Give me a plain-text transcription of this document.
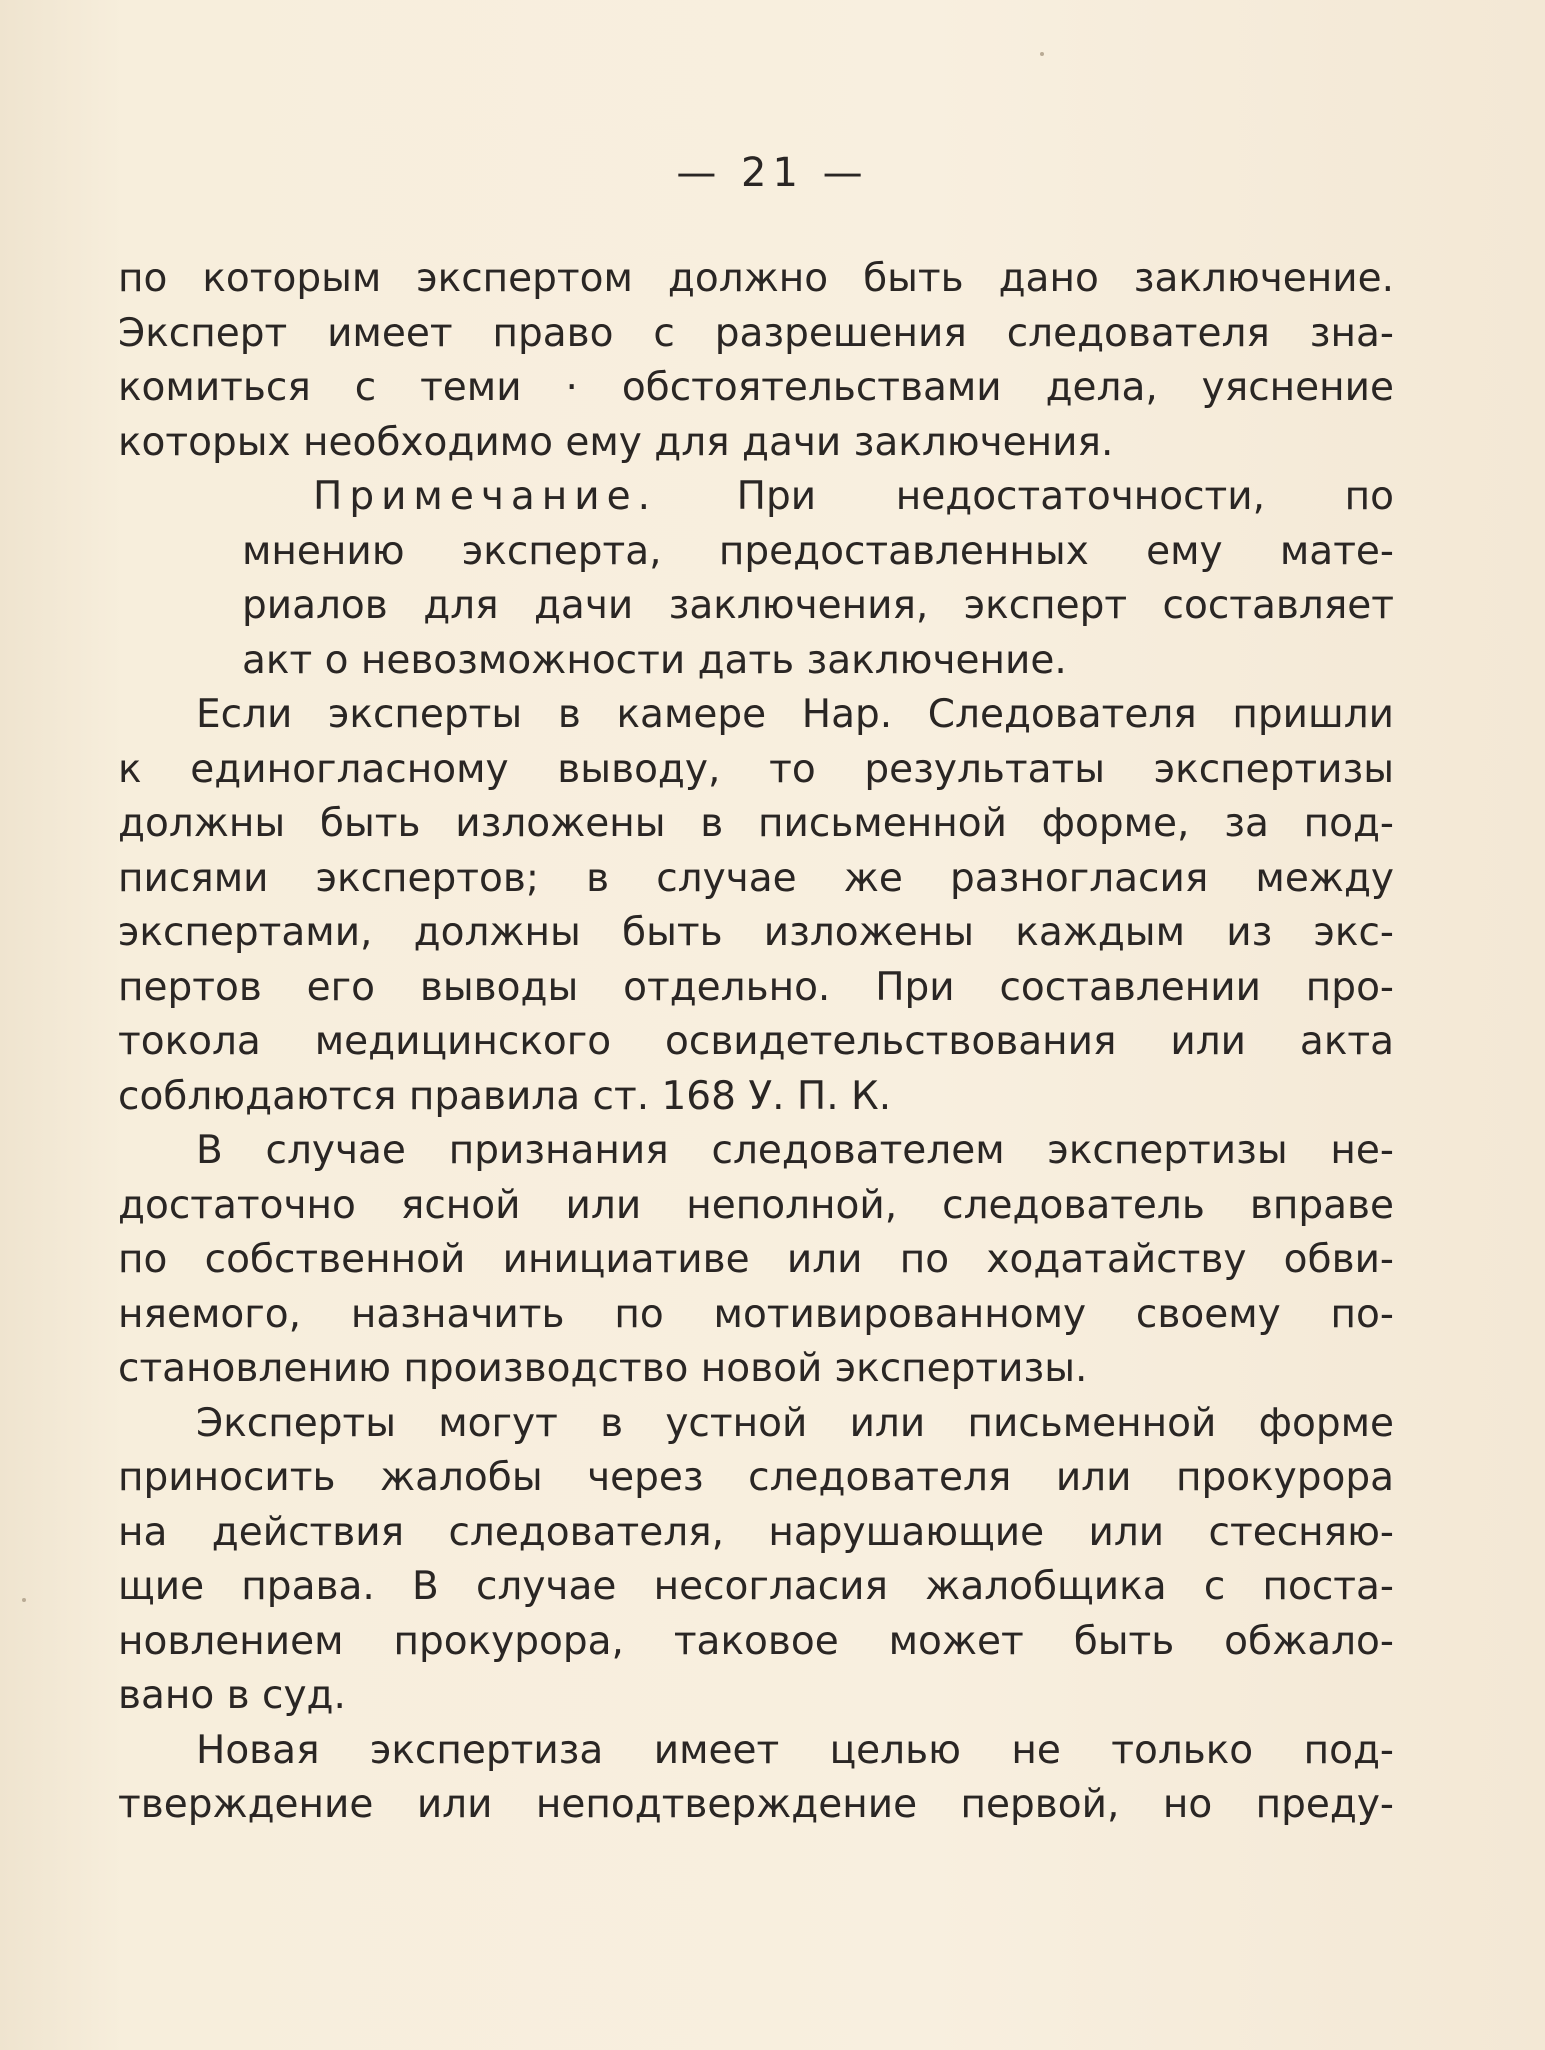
— 21 —
по которым экспертом должно быть дано заключение.
Эксперт имеет право с разрешения следователя зна-
комиться с теми · обстоятельствами дела, уяснение
которых необходимо ему для дачи заключения.
Примечание. При недостаточности, по
мнению эксперта, предоставленных ему мате-
риалов для дачи заключения, эксперт составляет
акт о невозможности дать заключение.
Если эксперты в камере Нар. Следователя пришли
к единогласному выводу, то результаты экспертизы
должны быть изложены в письменной форме, за под-
писями экспертов; в случае же разногласия между
экспертами, должны быть изложены каждым из экс-
пертов его выводы отдельно. При составлении про-
токола медицинского освидетельствования или акта
соблюдаются правила ст. 168 У. П. К.
В случае признания следователем экспертизы не-
достаточно ясной или неполной, следователь вправе
по собственной инициативе или по ходатайству обви-
няемого, назначить по мотивированному своему по-
становлению производство новой экспертизы.
Эксперты могут в устной или письменной форме
приносить жалобы через следователя или прокурора
на действия следователя, нарушающие или стесняю-
щие права. В случае несогласия жалобщика с поста-
новлением прокурора, таковое может быть обжало-
вано в суд.
Новая экспертиза имеет целью не только под-
тверждение или неподтверждение первой, но преду-
